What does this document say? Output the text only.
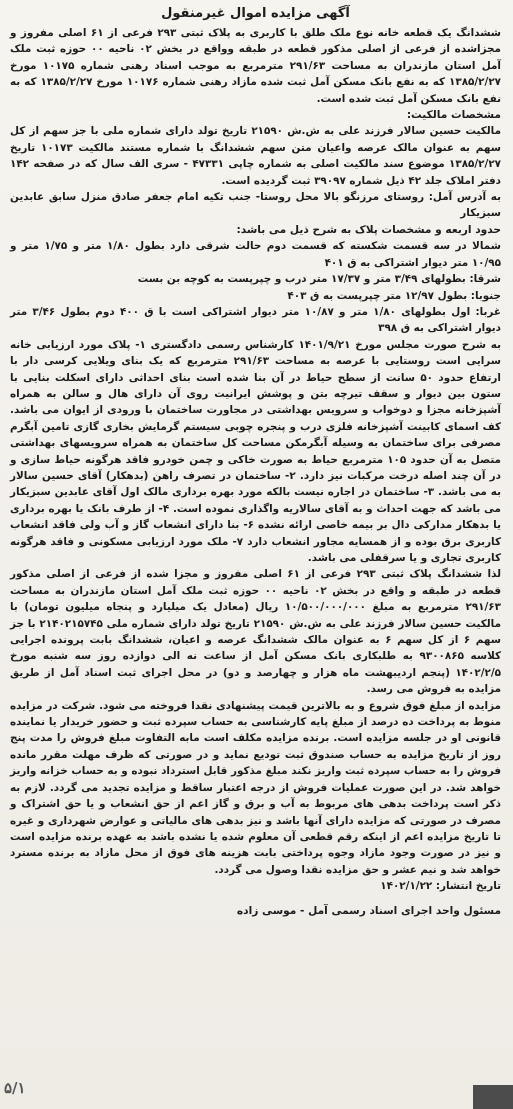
آگهی مزایده اموال غیرمنقول

ششدانگ یک قطعه خانه نوع ملک طلق با کاربری به پلاک ثبتی ۲۹۳ فرعی از ۶۱ اصلی مفروز و مجزاشده از فرعی از اصلی مذکور قطعه در طبقه وواقع در بخش ۰۲ ناحیه ۰۰ حوزه ثبت ملک آمل استان مازندران به مساحت ۲۹۱/۶۳ مترمربع به موجب اسناد رهنی شماره ۱۰۱۷۵ مورخ ۱۳۸۵/۲/۲۷ که به نفع بانک مسکن آمل ثبت شده مازاد رهنی شماره ۱۰۱۷۶ مورخ ۱۳۸۵/۲/۲۷ که به نفع بانک مسکن آمل ثبت شده است.

مشخصات مالکیت:

مالکیت حسین سالار فرزند علی به ش.ش ۲۱۵۹۰ تاریخ تولد دارای شماره ملی با جز سهم از کل سهم به عنوان مالک عرصه واعیان متن سهم ششدانگ با شماره مستند مالکیت ۱۰۱۷۳ تاریخ ۱۳۸۵/۲/۲۷ موضوع سند مالکیت اصلی به شماره چاپی ۴۷۳۳۱ - سری الف سال که در صفحه ۱۴۲ دفتر املاک جلد ۴۲ ذیل شماره ۳۹۰۹۷ ثبت گردیده است.

به آدرس آمل: روستای مرزنگو بالا محل روستا- جنب تکیه امام جعفر صادق منزل سابق عابدین سبزیکار

حدود اربعه و مشخصات پلاک به شرح ذیل می باشد:

شمالا در سه قسمت شکسته که قسمت دوم حالت شرقی دارد بطول ۱/۸۰ متر و ۱/۷۵ متر و ۱۰/۹۵ متر دیوار اشتراکی به ق ۴۰۱

شرقا: بطولهای ۳/۴۹ متر و ۱۷/۳۷ متر درب و چپرپست به کوچه بن بست

جنوبا: بطول ۱۲/۹۷ متر چپرپست به ق ۴۰۳

غربا: اول بطولهای ۱/۸۰ متر و ۱۰/۸۷ متر دیوار اشتراکی است با ق ۴۰۰ دوم بطول ۳/۴۶ متر دیوار اشتراکی به ق ۳۹۸

به شرح صورت مجلس مورخ ۱۴۰۱/۹/۲۱ کارشناس رسمی دادگستری ۱- پلاک مورد ارزیابی خانه سرایی است روستایی با عرصه به مساحت ۲۹۱/۶۳ مترمربع که یک بنای ویلایی کرسی دار با ارتفاع حدود ۵۰ سانت از سطح حیاط در آن بنا شده است بنای احداثی دارای اسکلت بنایی با ستون بین دیوار و سقف تیرچه بتن و پوشش ایرانیت روی آن دارای هال و سالن به همراه آشپزخانه مجزا و دوخواب و سرویس بهداشتی در مجاورت ساختمان با ورودی از ایوان می باشد. کف اسمای کابینت آشپزخانه فلزی درب و پنجره چوبی سیستم گرمایش بخاری گازی تامین آبگرم مصرفی برای ساختمان به وسیله آبگرمکن مساحت کل ساختمان به همراه سرویسهای بهداشتی متصل به آن حدود ۱۰۵ مترمربع حیاط به صورت خاکی و چمن خودرو فاقد هرگونه حیاط سازی و در آن چند اصله درخت مرکبات نیز دارد. ۲- ساختمان در تصرف راهن (بدهکار) آقای حسین سالار به می باشد. ۳- ساختمان در اجاره نیست بالکه مورد بهره برداری مالک اول آقای عابدین سبزیکار می باشد که جهت احداث و به آقای سالاریه واگذاری نموده است. ۴- از طرف بانک یا بهره برداری یا بدهکار مدارکی دال بر بیمه خاصی ارائه نشده ۶- بنا دارای انشعاب گاز و آب ولی فاقد انشعاب کاربری برق بوده و از همسایه مجاور انشعاب دارد ۷- ملک مورد ارزیابی مسکونی و فاقد هرگونه کاربری تجاری و یا سرقفلی می باشد.

لذا ششدانگ پلاک ثبتی ۲۹۳ فرعی از ۶۱ اصلی مفروز و مجزا شده از فرعی از اصلی مذکور قطعه در طبقه و واقع در بخش ۰۲ ناحیه ۰۰ حوزه ثبت ملک آمل استان مازندران به مساحت ۲۹۱/۶۳ مترمربع به مبلغ ۱۰/۵۰۰/۰۰۰/۰۰۰ ریال (معادل یک میلیارد و پنجاه میلیون تومان) با مالکیت حسین سالار فرزند علی به ش.ش ۲۱۵۹۰ تاریخ تولد دارای شماره ملی ۲۱۴۰۲۱۵۷۴۵ با جز سهم ۶ از کل سهم ۶ به عنوان مالک ششدانگ عرصه و اعیان، ششدانگ بابت پرونده اجرایی کلاسه ۹۳۰۰۸۶۵ به طلبکاری بانک مسکن آمل از ساعت نه الی دوازده روز سه شنبه مورخ ۱۴۰۲/۲/۵ (پنجم اردیبهشت ماه هزار و چهارصد و دو) در محل اجرای ثبت اسناد آمل از طریق مزایده به فروش می رسد.

مزایده از مبلغ فوق شروع و به بالاترین قیمت پیشنهادی نقدا فروخته می شود. شرکت در مزایده منوط به پرداخت ده درصد از مبلغ پایه کارشناسی به حساب سپرده ثبت و حضور خریدار یا نماینده قانونی او در جلسه مزایده است. برنده مزایده مکلف است مابه التفاوت مبلغ فروش را مدت پنج روز از تاریخ مزایده به حساب صندوق ثبت تودیع نماید و در صورتی که ظرف مهلت مقرر مانده فروش را به حساب سپرده ثبت واریز نکند مبلغ مذکور قابل استرداد نبوده و به حساب خزانه واریز خواهد شد. در این صورت عملیات فروش از درجه اعتبار ساقط و مزایده تجدید می گردد. لازم به ذکر است پرداخت بدهی های مربوط به آب و برق و گاز اعم از حق انشعاب و یا حق اشتراک و مصرف در صورتی که مزایده دارای آنها باشد و نیز بدهی های مالیاتی و عوارض شهرداری و غیره تا تاریخ مزایده اعم از اینکه رقم قطعی آن معلوم شده یا نشده باشد به عهده برنده مزایده است و نیز در صورت وجود مازاد وجوه پرداختی بابت هزینه های فوق از محل مازاد به برنده مسترد خواهد شد و نیم عشر و حق مزایده نقدا وصول می گردد.

تاریخ انتشار: ۱۴۰۲/۱/۲۲

مسئول واحد اجرای اسناد رسمی آمل - موسی زاده

۵/۱
